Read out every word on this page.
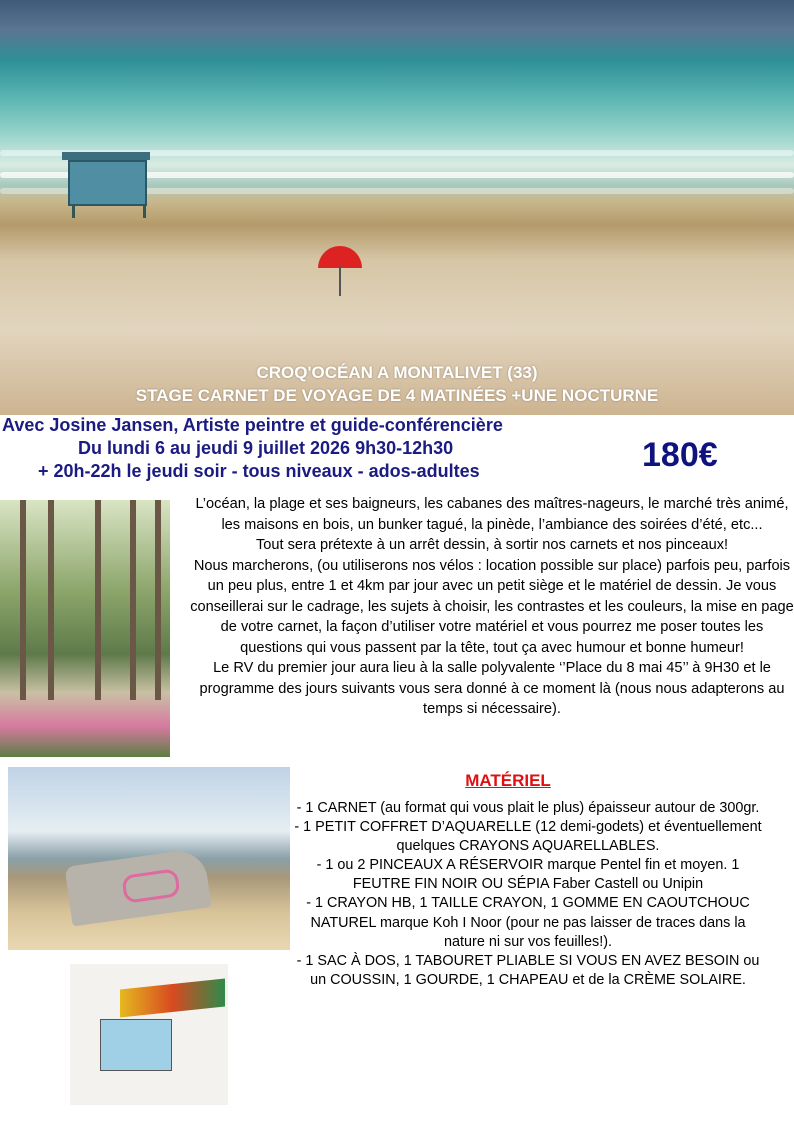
CROQ'OCÉAN A MONTALIVET (33)
STAGE CARNET DE VOYAGE DE 4 MATINÉES +UNE NOCTURNE
Avec Josine Jansen, Artiste peintre et guide-conférencière
Du lundi 6 au jeudi 9 juillet 2026 9h30-12h30
+ 20h-22h le jeudi soir - tous niveaux - ados-adultes	180€
L’océan, la plage et ses baigneurs, les cabanes des maîtres-nageurs, le marché très animé, les maisons en bois, un bunker tagué, la pinède, l’ambiance des soirées d’été, etc...
Tout sera prétexte à un arrêt dessin, à sortir nos carnets et nos pinceaux!
Nous marcherons, (ou utiliserons nos vélos : location possible sur place) parfois peu, parfois un peu plus, entre 1 et 4km par jour avec un petit siège et le matériel de dessin. Je vous conseillerai sur le cadrage, les sujets à choisir, les contrastes et les couleurs, la mise en page de votre carnet, la façon d’utiliser votre matériel et vous pourrez me poser toutes les questions qui vous passent par la tête, tout ça avec humour et bonne humeur!
Le RV du premier jour aura lieu à la salle polyvalente ‘’Place du 8 mai 45’’ à 9H30 et le programme des jours suivants vous sera donné à ce moment là (nous nous adapterons au temps si nécessaire).
MATÉRIEL
- 1 CARNET (au format qui vous plait le plus) épaisseur autour de 300gr.
- 1 PETIT COFFRET D’AQUARELLE (12 demi-godets) et éventuellement quelques CRAYONS AQUARELLABLES.
- 1 ou 2 PINCEAUX A RÉSERVOIR marque Pentel fin et moyen. 1 FEUTRE FIN NOIR OU SÉPIA Faber Castell ou Unipin
- 1 CRAYON HB, 1 TAILLE CRAYON, 1 GOMME EN CAOUTCHOUC NATUREL marque Koh I Noor (pour ne pas laisser de traces dans la nature ni sur vos feuilles!).
- 1 SAC À DOS, 1 TABOURET PLIABLE SI VOUS EN AVEZ BESOIN ou un COUSSIN, 1 GOURDE, 1 CHAPEAU et de la CRÈME SOLAIRE.
